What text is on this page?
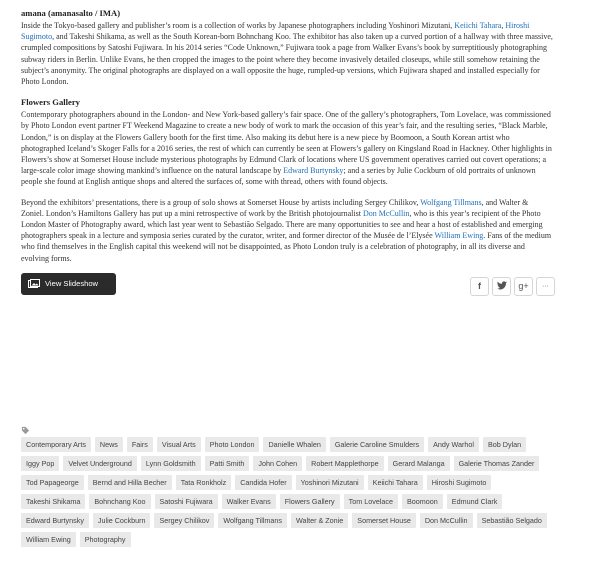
amana (amanasalto / IMA)

Inside the Tokyo-based gallery and publisher’s room is a collection of works by Japanese photographers including Yoshinori Mizutani, Keiichi Tahara, Hiroshi Sugimoto, and Takeshi Shikama, as well as the South Korean-born Bohnchang Koo. The exhibitor has also taken up a curved portion of a hallway with three massive, crumpled compositions by Satoshi Fujiwara. In his 2014 series “Code Unknown,” Fujiwara took a page from Walker Evans’s book by surreptitiously photographing subway riders in Berlin. Unlike Evans, he then cropped the images to the point where they become invasively detailed closeups, while still somehow retaining the subject’s anonymity. The original photographs are displayed on a wall opposite the huge, rumpled-up versions, which Fujiwara shaped and installed especially for Photo London.

Flowers Gallery

Contemporary photographers abound in the London- and New York-based gallery’s fair space. One of the gallery’s photographers, Tom Lovelace, was commissioned by Photo London event partner FT Weekend Magazine to create a new body of work to mark the occasion of this year’s fair, and the resulting series, “Black Marble, London,” is on display at the Flowers Gallery booth for the first time. Also making its debut here is a new piece by Boomoon, a South Korean artist who photographed Iceland’s Skoger Falls for a 2016 series, the rest of which can currently be seen at Flowers’s gallery on Kingsland Road in Hackney. Other highlights in Flowers’s show at Somerset House include mysterious photographs by Edmund Clark of locations where US government operatives carried out covert operations; a large-scale color image showing mankind’s influence on the natural landscape by Edward Burtynsky; and a series by Julie Cockburn of old portraits of unknown people she found at English antique shops and altered the surfaces of, some with thread, others with found objects.

Beyond the exhibitors’ presentations, there is a group of solo shows at Somerset House by artists including Sergey Chilikov, Wolfgang Tillmans, and Walter & Zoniel. London’s Hamiltons Gallery has put up a mini retrospective of work by the British photojournalist Don McCullin, who is this year’s recipient of the Photo London Master of Photography award, which last year went to Sebastião Selgado. There are many opportunities to see and hear a host of established and emerging photographers speak in a lecture and symposia series curated by the curator, writer, and former director of the Musée de l’Elysée William Ewing. Fans of the medium who find themselves in the English capital this weekend will not be disappointed, as Photo London truly is a celebration of photography, in all its diverse and evolving forms.

View Slideshow	f	g+ ···
Contemporary Arts	News	Fairs	Visual Arts	Photo London	Danielle Whalen	Galerie Caroline Smulders	Andy Warhol	Bob Dylan
Iggy Pop	Velvet Underground	Lynn Goldsmith	Patti Smith	John Cohen	Robert Mapplethorpe	Gerard Malanga	Galerie Thomas Zander
Tod Papageorge	Bernd and Hilla Becher	Tata Ronkholz	Candida Hofer	Yoshinori Mizutani	Keiichi Tahara	Hiroshi Sugimoto
Takeshi Shikama	Bohnchang Koo	Satoshi Fujiwara	Walker Evans	Flowers Gallery	Tom Lovelace	Boomoon	Edmund Clark
Edward Burtynsky	Julie Cockburn	Sergey Chilikov	Wolfgang Tillmans	Walter & Zonie	Somerset House	Don McCullin	Sebastião Selgado
William Ewing	Photography
